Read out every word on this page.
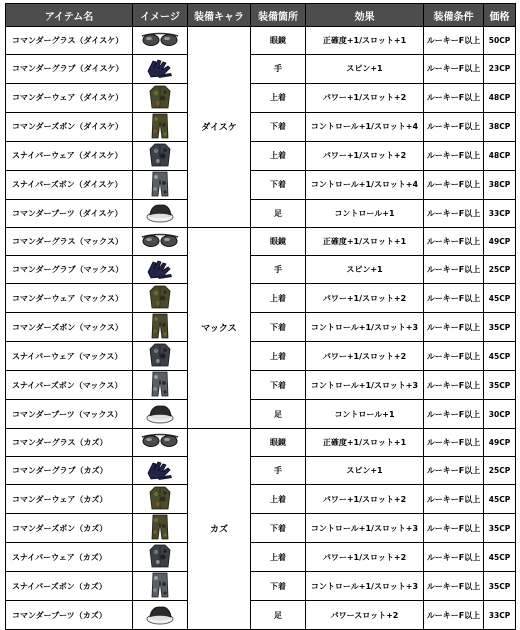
アイテム名	イメージ	装備キャラ	装備箇所	効果	装備条件	価格
コマンダーグラス（ダイスケ）		ダイスケ	眼鏡	正確度+1/スロット+1	ルーキーF以上	50CP
コマンダーグラブ（ダイスケ）			手	スピン+1	ルーキーF以上	23CP
コマンダーウェア（ダイスケ）			上着	パワー+1/スロット+2	ルーキーF以上	48CP
コマンダーズボン（ダイスケ）			下着	コントロール+1/スロット+4	ルーキーF以上	38CP
スナイパーウェア（ダイスケ）			上着	パワー+1/スロット+2	ルーキーF以上	48CP
スナイパーズボン（ダイスケ）			下着	コントロール+1/スロット+4	ルーキーF以上	38CP
コマンダーブーツ（ダイスケ）			足	コントロール+1	ルーキーF以上	33CP
コマンダーグラス（マックス）		マックス	眼鏡	正確度+1/スロット+1	ルーキーF以上	49CP
コマンダーグラブ（マックス）			手	スピン+1	ルーキーF以上	25CP
コマンダーウェア（マックス）			上着	パワー+1/スロット+2	ルーキーF以上	45CP
コマンダーズボン（マックス）			下着	コントロール+1/スロット+3	ルーキーF以上	35CP
スナイパーウェア（マックス）			上着	パワー+1/スロット+2	ルーキーF以上	45CP
スナイパーズボン（マックス）			下着	コントロール+1/スロット+3	ルーキーF以上	35CP
コマンダーブーツ（マックス）			足	コントロール+1	ルーキーF以上	30CP
コマンダーグラス（カズ）		カズ	眼鏡	正確度+1/スロット+1	ルーキーF以上	49CP
コマンダーグラブ（カズ）			手	スピン+1	ルーキーF以上	25CP
コマンダーウェア（カズ）			上着	パワー+1/スロット+2	ルーキーF以上	45CP
コマンダーズボン（カズ）			下着	コントロール+1/スロット+3	ルーキーF以上	35CP
スナイパーウェア（カズ）			上着	パワー+1/スロット+2	ルーキーF以上	45CP
スナイパーズボン（カズ）			下着	コントロール+1/スロット+3	ルーキーF以上	35CP
コマンダーブーツ（カズ）			足	パワースロット+2	ルーキーF以上	33CP
